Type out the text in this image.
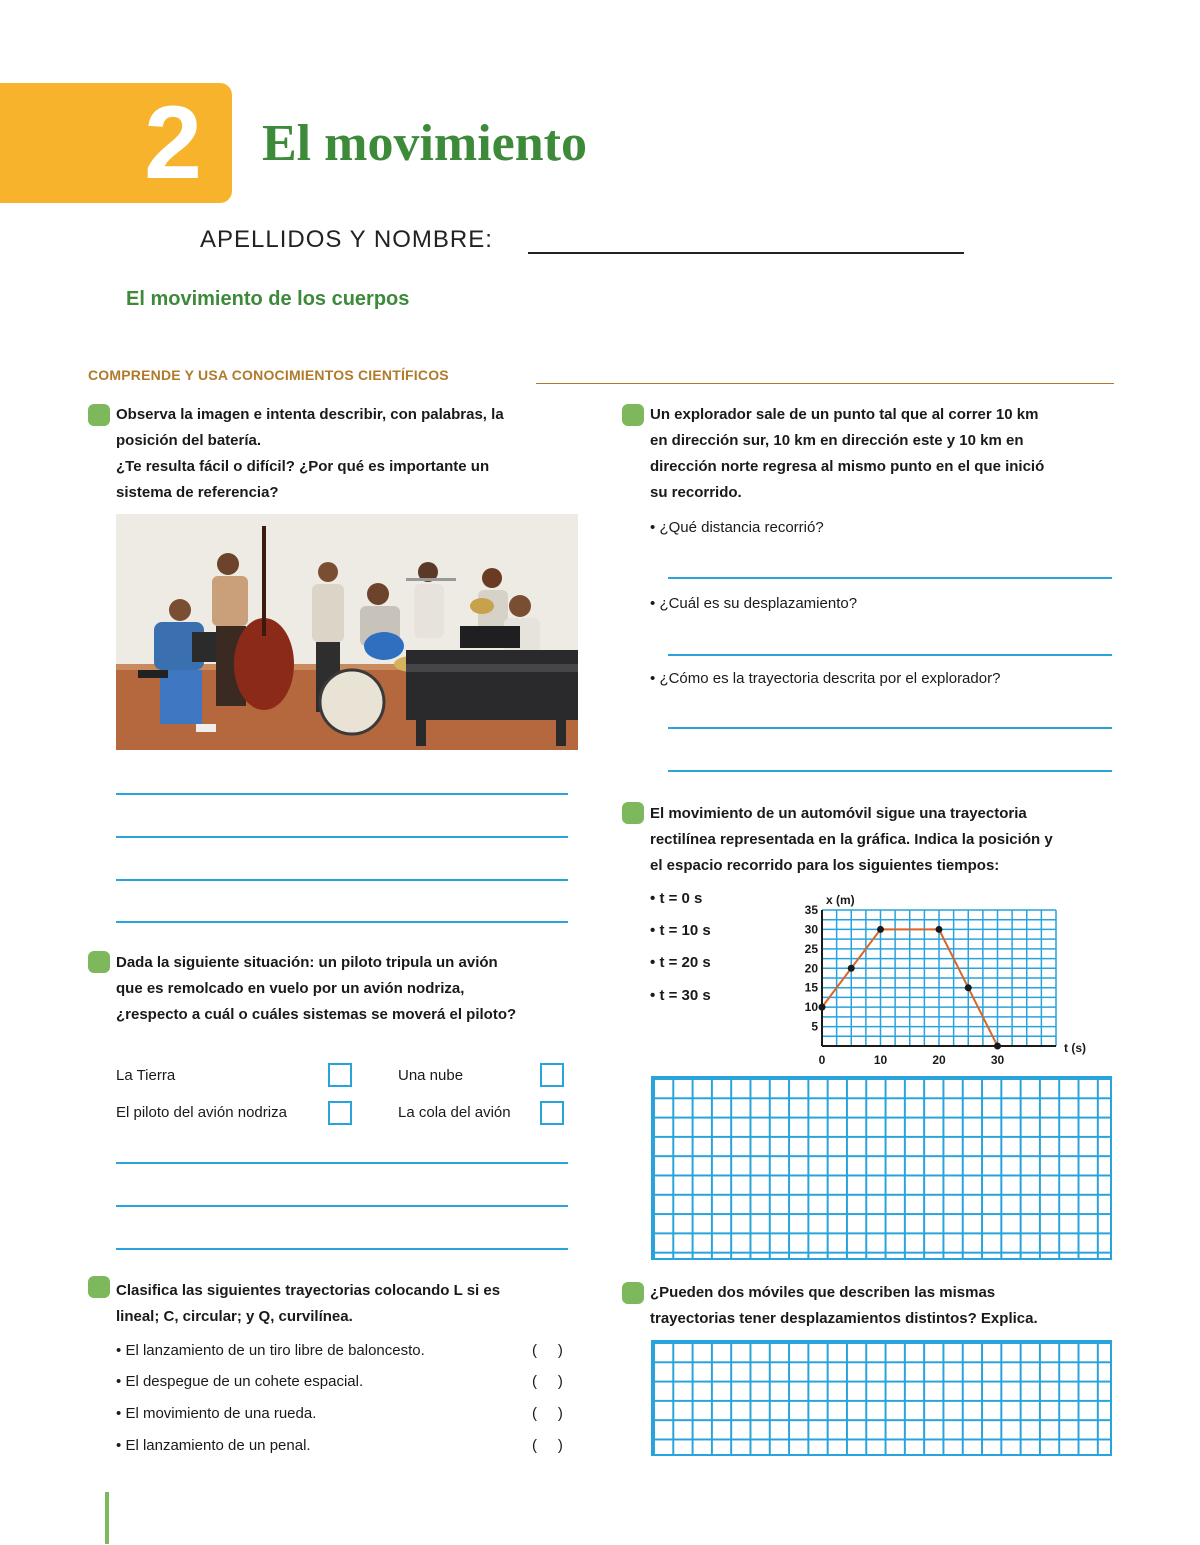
2	El movimiento
APELLIDOS Y NOMBRE:
El movimiento de los cuerpos
COMPRENDE Y USA CONOCIMIENTOS CIENTÍFICOS
Observa la imagen e intenta describir, con palabras, la
posición del batería.
¿Te resulta fácil o difícil? ¿Por qué es importante un
sistema de referencia?
Dada la siguiente situación: un piloto tripula un avión
que es remolcado en vuelo por un avión nodriza,
¿respecto a cuál o cuáles sistemas se moverá el piloto?
La Tierra	Una nube
El piloto del avión nodriza	La cola del avión
Clasifica las siguientes trayectorias colocando L si es
lineal; C, circular; y Q, curvilínea.
• El lanzamiento de un tiro libre de baloncesto.	(     )
• El despegue de un cohete espacial.	(     )
• El movimiento de una rueda.	(     )
• El lanzamiento de un penal.	(     )
Un explorador sale de un punto tal que al correr 10 km
en dirección sur, 10 km en dirección este y 10 km en
dirección norte regresa al mismo punto en el que inició
su recorrido.
• ¿Qué distancia recorrió?
• ¿Cuál es su desplazamiento?
• ¿Cómo es la trayectoria descrita por el explorador?
El movimiento de un automóvil sigue una trayectoria
rectilínea representada en la gráfica. Indica la posición y
el espacio recorrido para los siguientes tiempos:
• t = 0 s
• t = 10 s
• t = 20 s
• t = 30 s
5
10
15
20
25
30
35
0	10	20	30
x (m)
t (s)
¿Pueden dos móviles que describen las mismas
trayectorias tener desplazamientos distintos? Explica.
